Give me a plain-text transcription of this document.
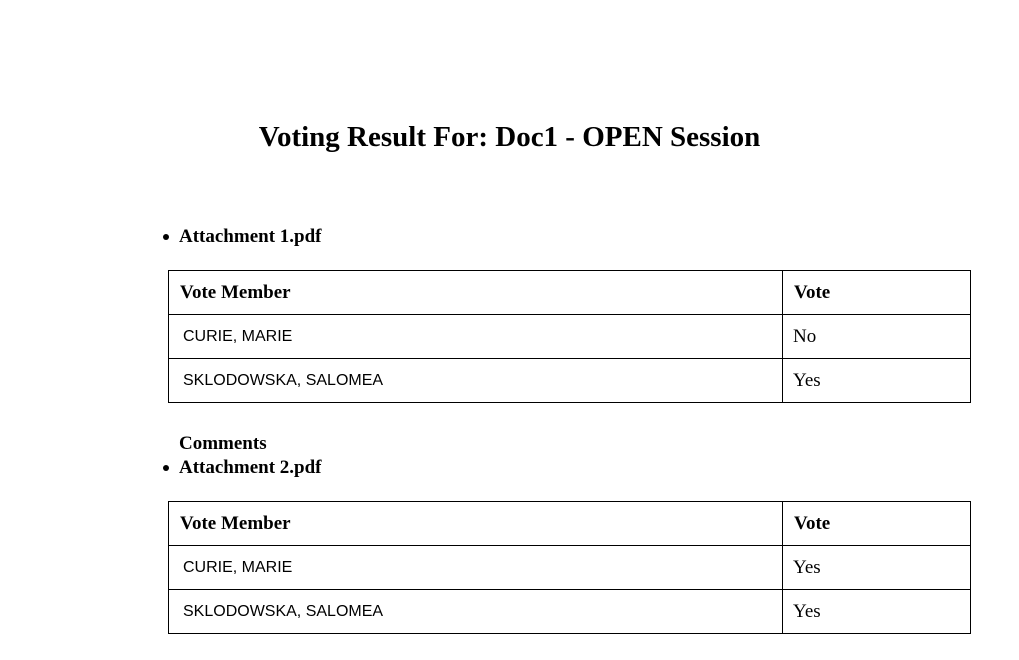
Voting Result For: Doc1 - OPEN Session
Attachment 1.pdf
Vote Member	Vote
CURIE, MARIE	No
SKLODOWSKA, SALOMEA	Yes
Comments
Attachment 2.pdf
Vote Member	Vote
CURIE, MARIE	Yes
SKLODOWSKA, SALOMEA	Yes
